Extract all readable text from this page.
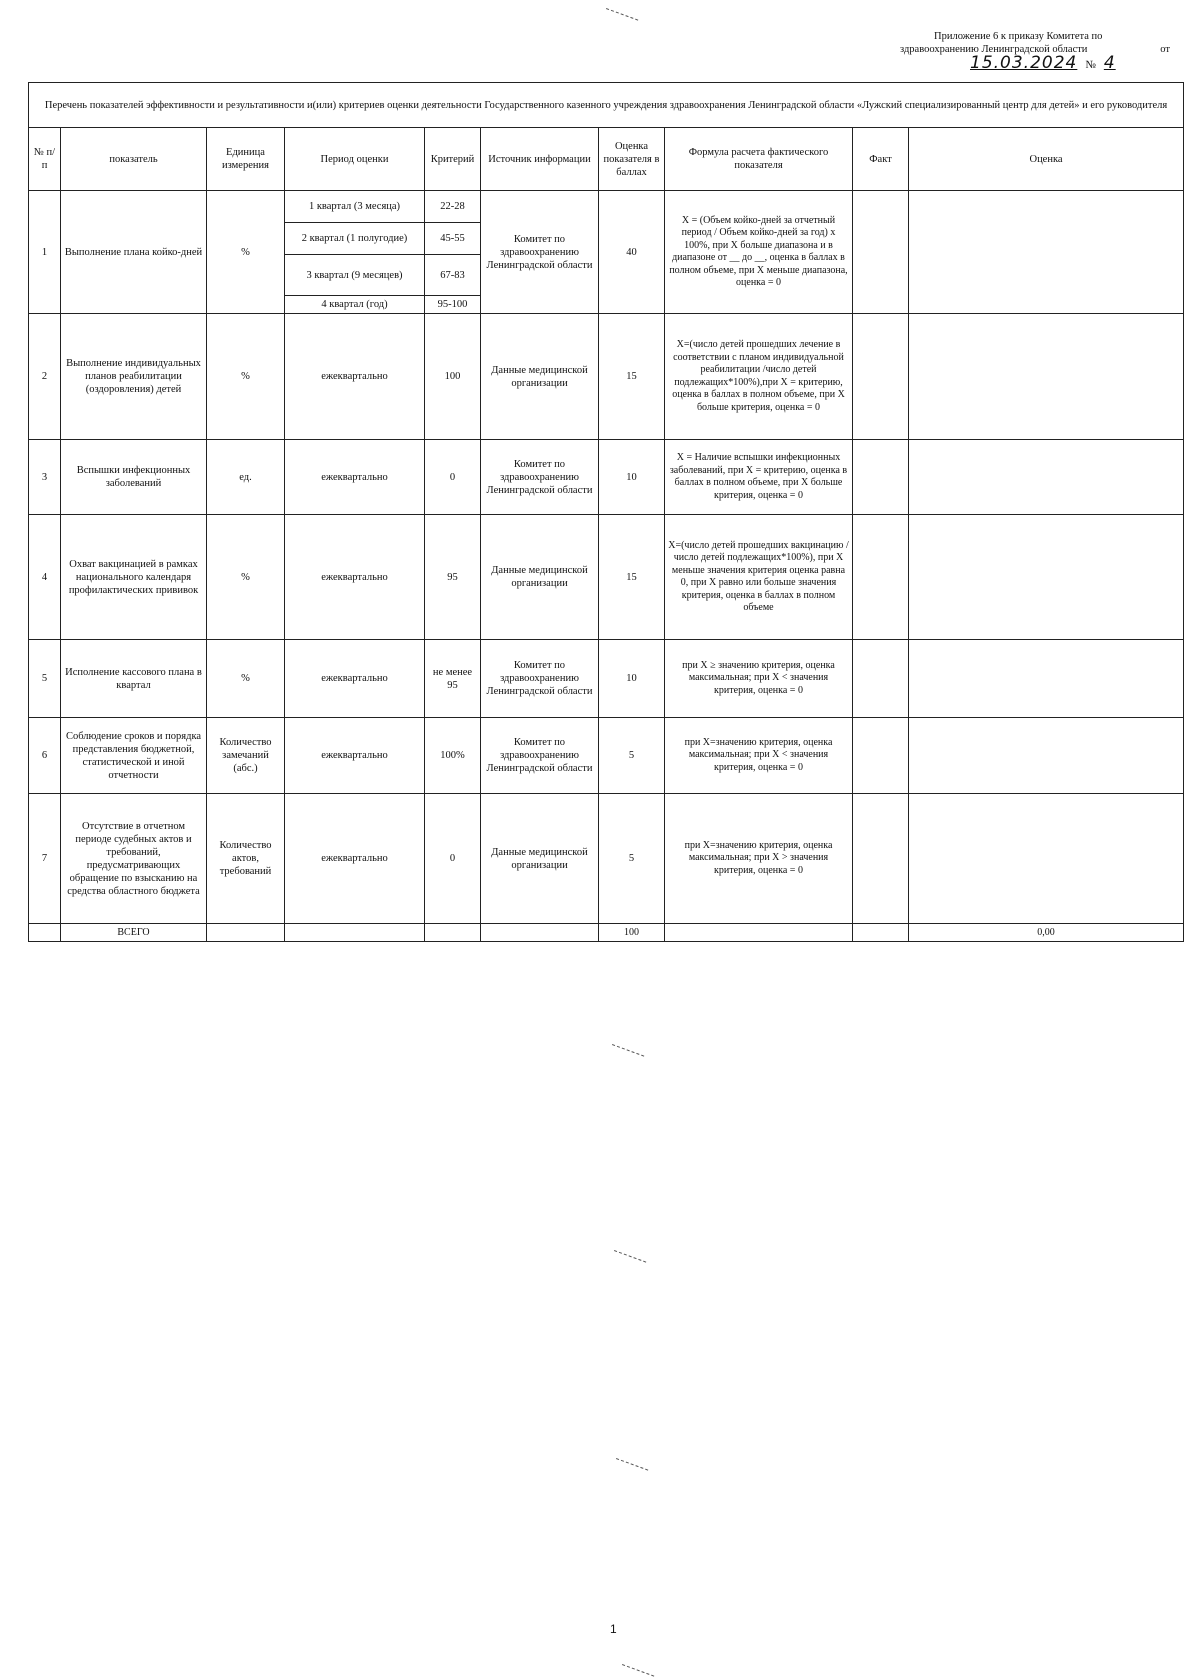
Приложение 6 к приказу Комитета по
здравоохранению Ленинградской области	от
15.03.2024 № 4
Перечень показателей эффективности и результативности и(или) критериев оценки деятельности Государственного казенного учреждения здравоохранения Ленинградской области «Лужский специализированный центр для детей» и его руководителя									
№ п/п	показатель	Единица измерения	Период оценки	Критерий	Источник информации	Оценка показателя в баллах	Формула расчета фактического показателя	Факт	Оценка
1	Выполнение плана койко-дней	%	1 квартал (3 месяца)	22-28	Комитет по здравоохранению Ленинградской области	40	X = (Объем койко-дней за отчетный период / Объем койко-дней за год) x 100%, при X больше диапазона и в диапазоне от __ до __, оценка в баллах в полном объеме, при X меньше диапазона, оценка = 0		
			2 квартал (1 полугодие)	45-55					
			3 квартал (9 месяцев)	67-83					
			4 квартал (год)	95-100					
2	Выполнение индивидуальных планов реабилитации (оздоровления) детей	%	ежеквартально	100	Данные медицинской организации	15	X=(число детей прошедших лечение в соответствии с планом индивидуальной реабилитации /число детей подлежащих*100%),при X = критерию, оценка в баллах в полном объеме, при X больше критерия, оценка = 0		
3	Вспышки инфекционных заболеваний	ед.	ежеквартально	0	Комитет по здравоохранению Ленинградской области	10	X = Наличие вспышки инфекционных заболеваний, при X = критерию, оценка в баллах в полном объеме, при X больше критерия, оценка = 0		
4	Охват вакцинацией в рамках национального календаря профилактических прививок	%	ежеквартально	95	Данные медицинской организации	15	X=(число детей прошедших вакцинацию /число детей подлежащих*100%), при X меньше значения критерия оценка равна 0, при X равно или больше значения критерия, оценка в баллах в полном объеме		
5	Исполнение кассового плана в квартал	%	ежеквартально	не менее 95	Комитет по здравоохранению Ленинградской области	10	при X ≥ значению критерия, оценка максимальная; при X < значения критерия, оценка = 0		
6	Соблюдение сроков и порядка представления бюджетной, статистической и иной отчетности	Количество замечаний (абс.)	ежеквартально	100%	Комитет по здравоохранению Ленинградской области	5	при X=значению критерия, оценка максимальная; при X < значения критерия, оценка = 0		
7	Отсутствие в отчетном периоде судебных актов и требований, предусматривающих обращение по взысканию на средства областного бюджета	Количество актов, требований	ежеквартально	0	Данные медицинской организации	5	при X=значению критерия, оценка максимальная; при X > значения критерия, оценка = 0		
	ВСЕГО					100			0,00
1
